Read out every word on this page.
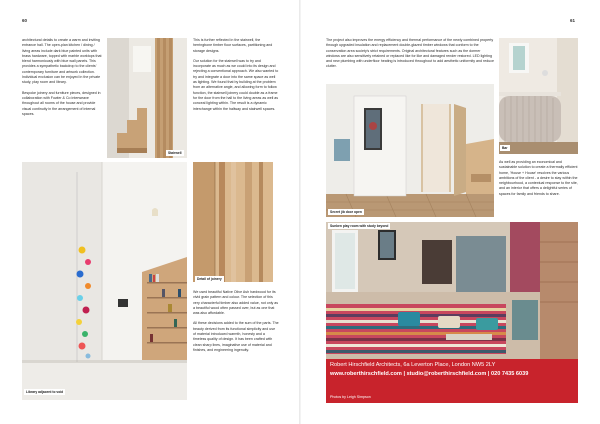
60	61

architectural details to create a warm and inviting entrance hall. The open-plan kitchen / dining / living areas include dark blue painted units with brass hardware, topped with marble worktops that blend harmoniously with blue wall panels. This provides a sympathetic backdrop to the clients' contemporary furniture and artwork collection. Individual exclusion can be enjoyed in the private study, play room and library.

Bespoke joinery and furniture pieces, designed in collaboration with Fowler & Co interweave throughout all rooms of the house and provide visual continuity in the arrangement of internal spaces.

Stairwell

This is further reflected in the stairwell, the herringbone timber floor surfaces, partitioning and storage designs.

Our solution for the stairwell was to try and incorporate as much as we could into its design and rejecting a conventional approach. We also wanted to try and integrate a door into the same space as well as lighting. We found that by building at the problem from an alternative angle, and allowing form to follow function, the stairwell joinery could double as a frame for the door from the hall to the living areas as well as conceal lighting within. The result is a dynamic interchange within the hallway and stairwell spaces.

Library adjacent to void
Detail of joinery

We used beautiful Native Olive Ash hardwood for its vivid grain pattern and colour. The selection of this very characterful timber also added value, not only as a beautiful wood often passed over, but as one that was also affordable.

All these decisions added to the sum of the parts. The beauty derived from its functional simplicity and use of material introduced warmth, honesty and a timeless quality of design. It has been crafted with clean sharp lines, imaginative use of material and finishes, and engineering ingenuity.

The project also improves the energy efficiency and thermal performance of the newly combined property through upgraded insulation and replacement double-glazed timber windows that conform to the conservation area society's strict requirements. Original architectural features such as the dormer windows are also sensitively retained or replaced like for like and damaged render restored. LED lighting and new plumbing with underfloor heating is introduced throughout to add aesthetic uniformity and reduce clutter.

Bar
Secret jib door open

As well as providing an economical and sustainable solution to create a thermally efficient home, 'House + House' resolves the various ambitions of the client - a desire to stay within the neighbourhood, a contextual response to the site, and an interior that offers a delightful series of spaces for family and friends to share.

Sunken play room with study beyond
Robert Hirschfield Architects, 6a Leverton Place, London NW5 2LY
www.roberthirschfield.com | studio@roberthirschfield.com | 020 7435 6039
Photos by Leigh Simpson
